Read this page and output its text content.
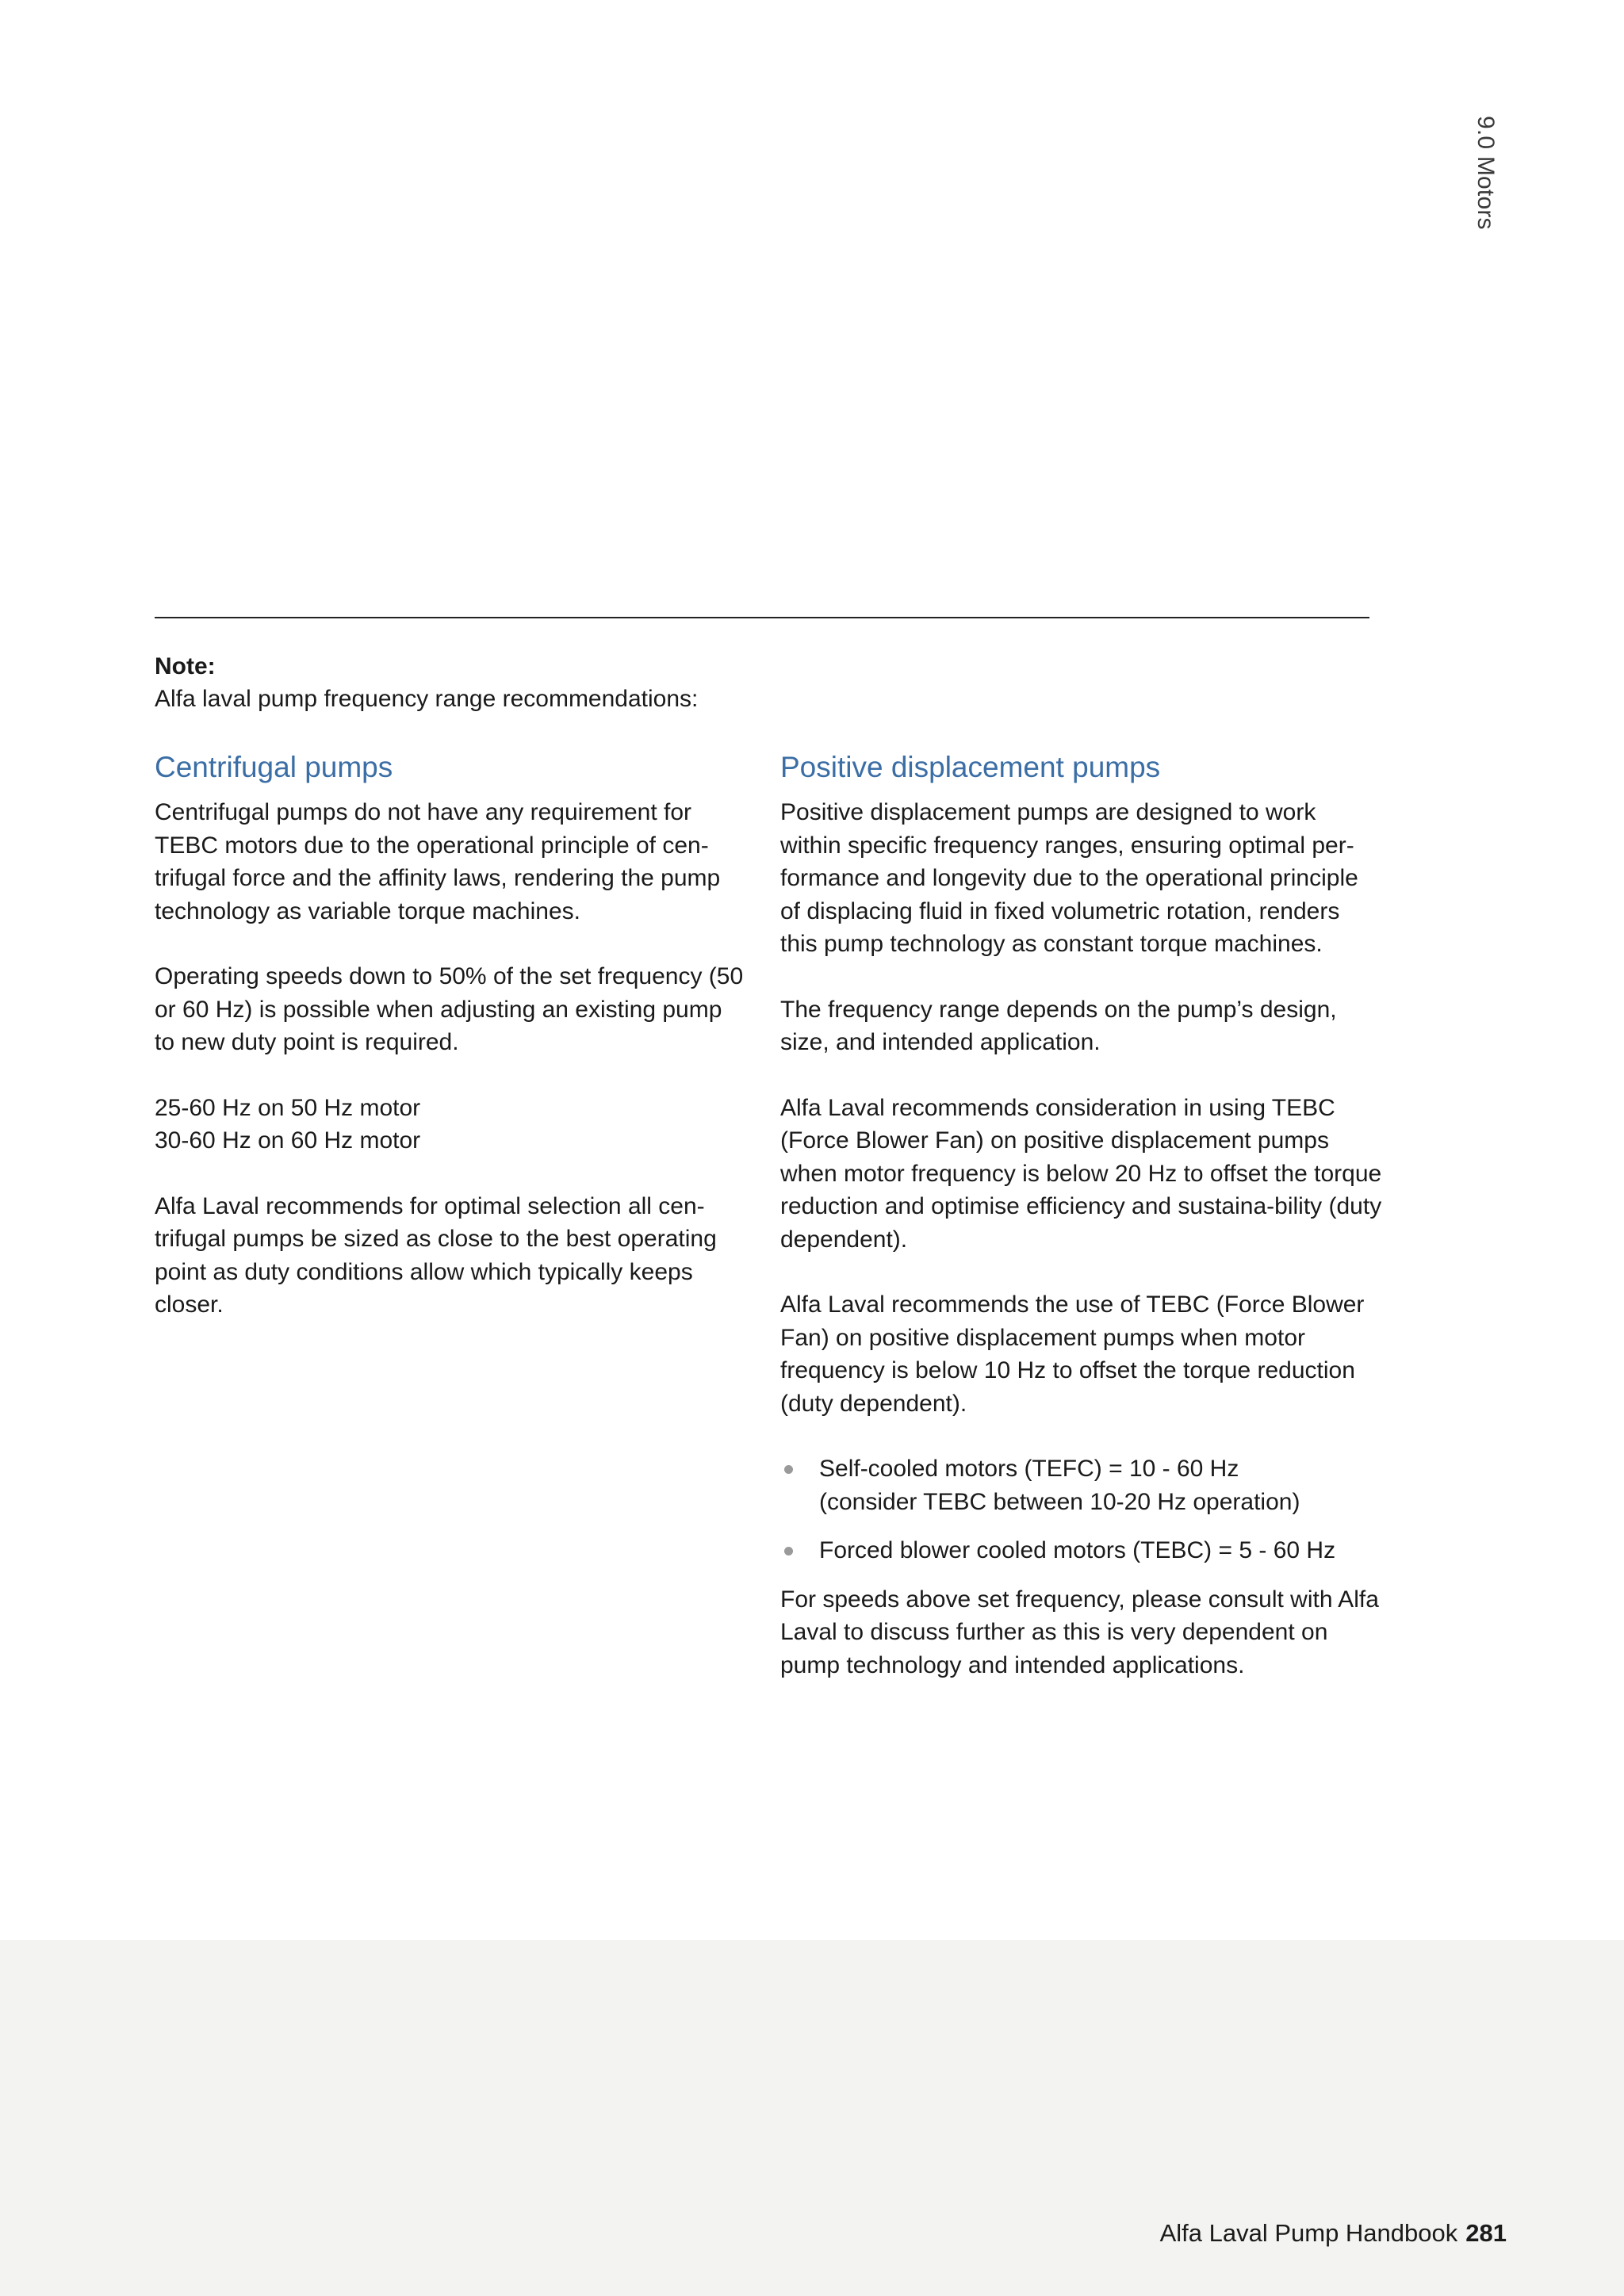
9.0 Motors
Note:
Alfa laval pump frequency range recommendations:
Centrifugal pumps

Centrifugal pumps do not have any requirement for TEBC motors due to the operational principle of cen-trifugal force and the affinity laws, rendering the pump technology as variable torque machines.

Operating speeds down to 50% of the set frequency (50 or 60 Hz) is possible when adjusting an existing pump to new duty point is required.

25-60 Hz on 50 Hz motor
30-60 Hz on 60 Hz motor

Alfa Laval recommends for optimal selection all cen-trifugal pumps be sized as close to the best operating point as duty conditions allow which typically keeps closer.

Positive displacement pumps

Positive displacement pumps are designed to work within specific frequency ranges, ensuring optimal per-formance and longevity due to the operational principle of displacing fluid in fixed volumetric rotation, renders this pump technology as constant torque machines.

The frequency range depends on the pump’s design, size, and intended application.

Alfa Laval recommends consideration in using TEBC (Force Blower Fan) on positive displacement pumps when motor frequency is below 20 Hz to offset the torque reduction and optimise efficiency and sustaina-bility (duty dependent).

Alfa Laval recommends the use of TEBC (Force Blower Fan) on positive displacement pumps when motor frequency is below 10 Hz to offset the torque reduction (duty dependent).

Self-cooled motors (TEFC) = 10 - 60 Hz
(consider TEBC between 10-20 Hz operation)
Forced blower cooled motors (TEBC) = 5 - 60 Hz

For speeds above set frequency, please consult with Alfa Laval to discuss further as this is very dependent on pump technology and intended applications.

Alfa Laval Pump Handbook 281
